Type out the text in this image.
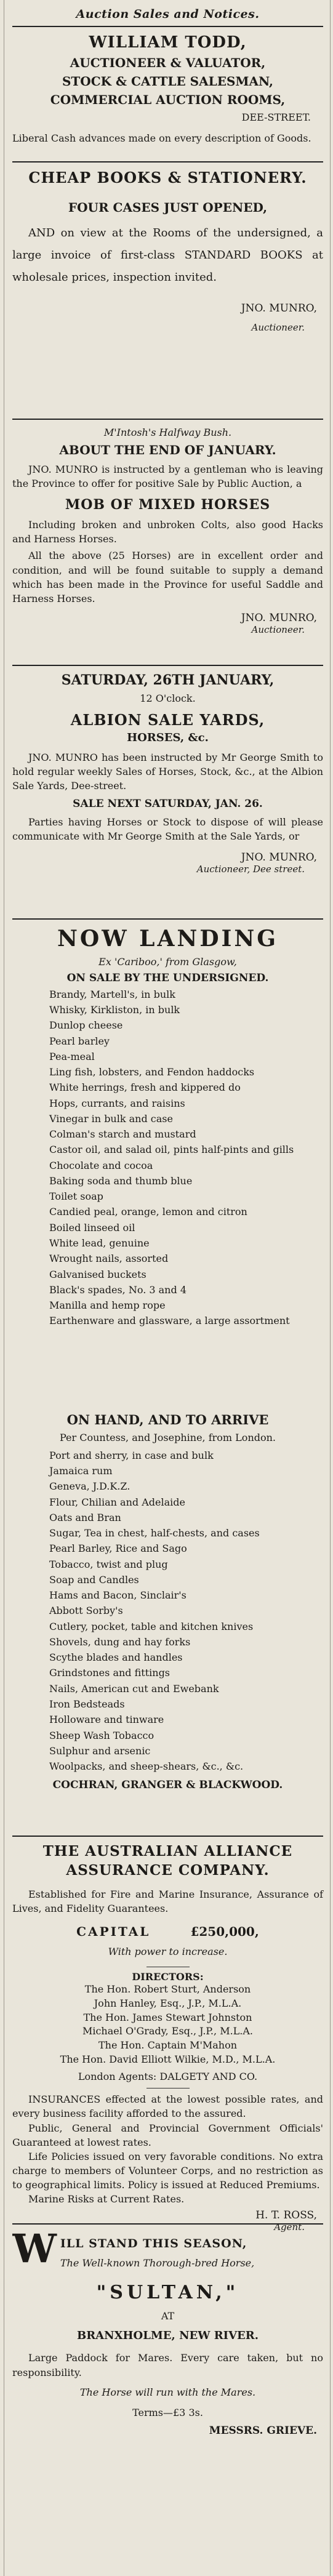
Auction Sales and Notices.
WILLIAM TODD,
AUCTIONEER & VALUATOR,
STOCK & CATTLE SALESMAN,
COMMERCIAL AUCTION ROOMS,
DEE-STREET.
Liberal Cash advances made on every description of Goods.
CHEAP BOOKS & STATIONERY.
FOUR CASES JUST OPENED,
AND on view at the Rooms of the undersigned, a large invoice of first-class STANDARD BOOKS at wholesale prices, inspection invited.
JNO. MUNRO,
Auctioneer.
M'Intosh's Halfway Bush.
ABOUT THE END OF JANUARY.
JNO. MUNRO is instructed by a gentleman who is leaving the Province to offer for positive Sale by Public Auction, a
MOB OF MIXED HORSES
Including broken and unbroken Colts, also good Hacks and Harness Horses.
All the above (25 Horses) are in excellent order and condition, and will be found suitable to supply a demand which has been made in the Province for useful Saddle and Harness Horses.
JNO. MUNRO,
Auctioneer.
SATURDAY, 26TH JANUARY,
12 O'clock.
ALBION SALE YARDS,
HORSES, &c.
JNO. MUNRO has been instructed by Mr George Smith to hold regular weekly Sales of Horses, Stock, &c., at the Albion Sale Yards, Dee-street.
SALE NEXT SATURDAY, JAN. 26.
Parties having Horses or Stock to dispose of will please communicate with Mr George Smith at the Sale Yards, or
JNO. MUNRO,
Auctioneer, Dee street.
NOW LANDING
Ex 'Cariboo,' from Glasgow,
ON SALE BY THE UNDERSIGNED.
Brandy, Martell's, in bulk
Whisky, Kirkliston, in bulk
Dunlop cheese
Pearl barley
Pea-meal
Ling fish, lobsters, and Fendon haddocks
White herrings, fresh and kippered do
Hops, currants, and raisins
Vinegar in bulk and case
Colman's starch and mustard
Castor oil, and salad oil, pints half-pints and gills
Chocolate and cocoa
Baking soda and thumb blue
Toilet soap
Candied peal, orange, lemon and citron
Boiled linseed oil
White lead, genuine
Wrought nails, assorted
Galvanised buckets
Black's spades, No. 3 and 4
Manilla and hemp rope
Earthenware and glassware, a large assortment
ON HAND, AND TO ARRIVE
Per Countess, and Josephine, from London.
Port and sherry, in case and bulk
Jamaica rum
Geneva, J.D.K.Z.
Flour, Chilian and Adelaide
Oats and Bran
Sugar, Tea in chest, half-chests, and cases
Pearl Barley, Rice and Sago
Tobacco, twist and plug
Soap and Candles
Hams and Bacon, Sinclair's
Abbott Sorby's
Cutlery, pocket, table and kitchen knives
Shovels, dung and hay forks
Scythe blades and handles
Grindstones and fittings
Nails, American cut and Ewebank
Iron Bedsteads
Holloware and tinware
Sheep Wash Tobacco
Sulphur and arsenic
Woolpacks, and sheep-shears, &c., &c.
COCHRAN, GRANGER & BLACKWOOD.
THE AUSTRALIAN ALLIANCE
ASSURANCE COMPANY.
Established for Fire and Marine Insurance, Assurance of Lives, and Fidelity Guarantees.
CAPITAL	£250,000,
With power to increase.
DIRECTORS:
The Hon. Robert Sturt, Anderson
John Hanley, Esq., J.P., M.L.A.
The Hon. James Stewart Johnston
Michael O'Grady, Esq., J.P., M.L.A.
The Hon. Captain M'Mahon
The Hon. David Elliott Wilkie, M.D., M.L.A.
London Agents: DALGETY AND CO.
INSURANCES effected at the lowest possible rates, and every business facility afforded to the assured.
Public, General and Provincial Government Officials' Guaranteed at lowest rates.
Life Policies issued on very favorable conditions. No extra charge to members of Volunteer Corps, and no restriction as to geographical limits. Policy is issued at Reduced Premiums.
Marine Risks at Current Rates.
H. T. ROSS,
Agent.
W ILL STAND THIS SEASON,
The Well-known Thorough-bred Horse,
"SULTAN,"
AT
BRANXHOLME, NEW RIVER.
Large Paddock for Mares. Every care taken, but no responsibility.
The Horse will run with the Mares.
Terms—£3 3s.
MESSRS. GRIEVE.
